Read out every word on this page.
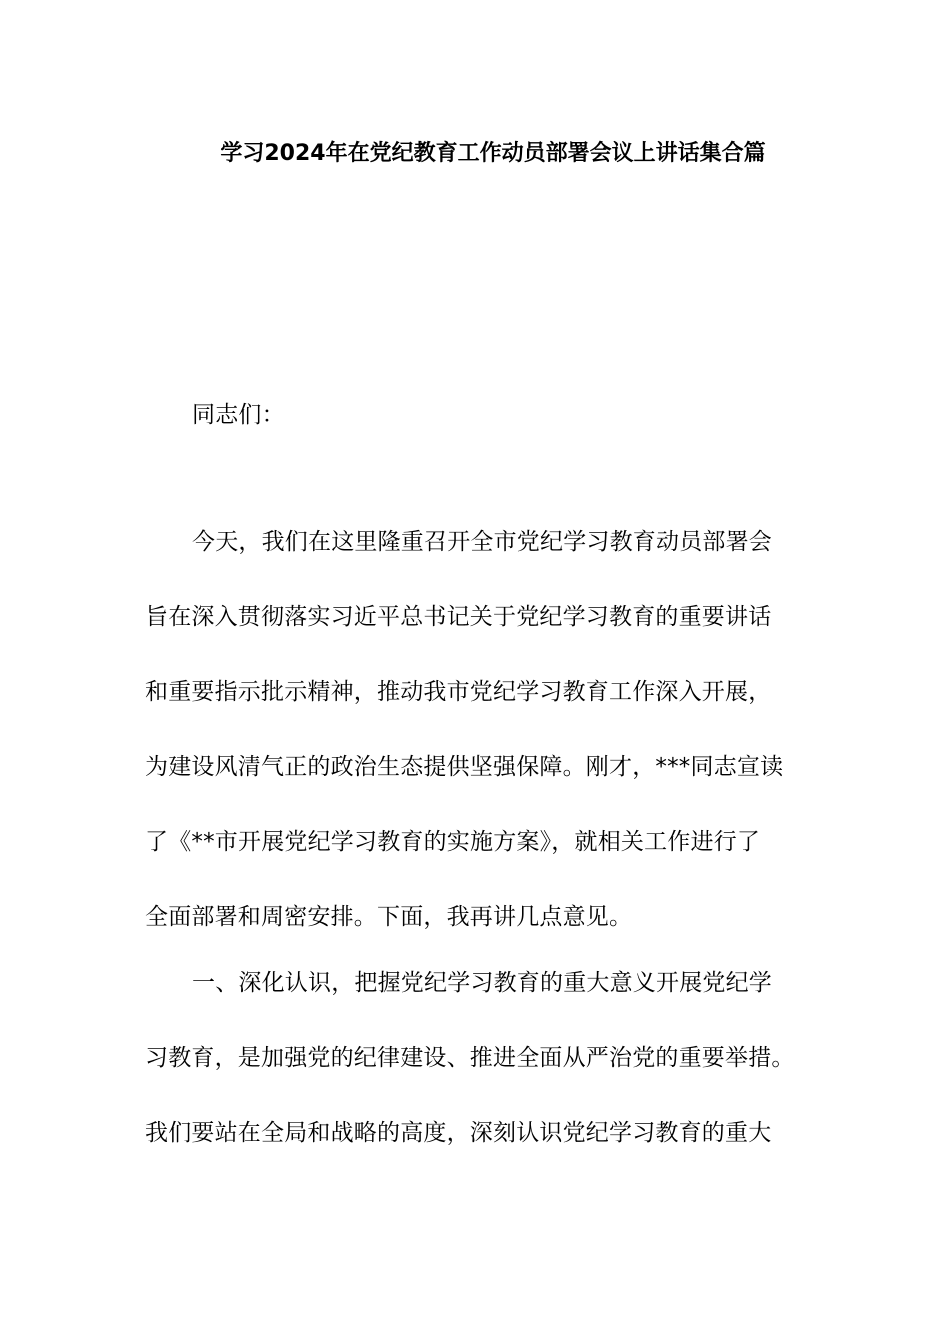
学习2024年在党纪教育工作动员部署会议上讲话集合篇
同志们：
今天，我们在这里隆重召开全市党纪学习教育动员部署会
旨在深入贯彻落实习近平总书记关于党纪学习教育的重要讲话
和重要指示批示精神，推动我市党纪学习教育工作深入开展，
为建设风清气正的政治生态提供坚强保障。刚才，***同志宣读
了《**市开展党纪学习教育的实施方案》，就相关工作进行了
全面部署和周密安排。下面，我再讲几点意见。
一、深化认识，把握党纪学习教育的重大意义开展党纪学
习教育，是加强党的纪律建设、推进全面从严治党的重要举措。
我们要站在全局和战略的高度，深刻认识党纪学习教育的重大
